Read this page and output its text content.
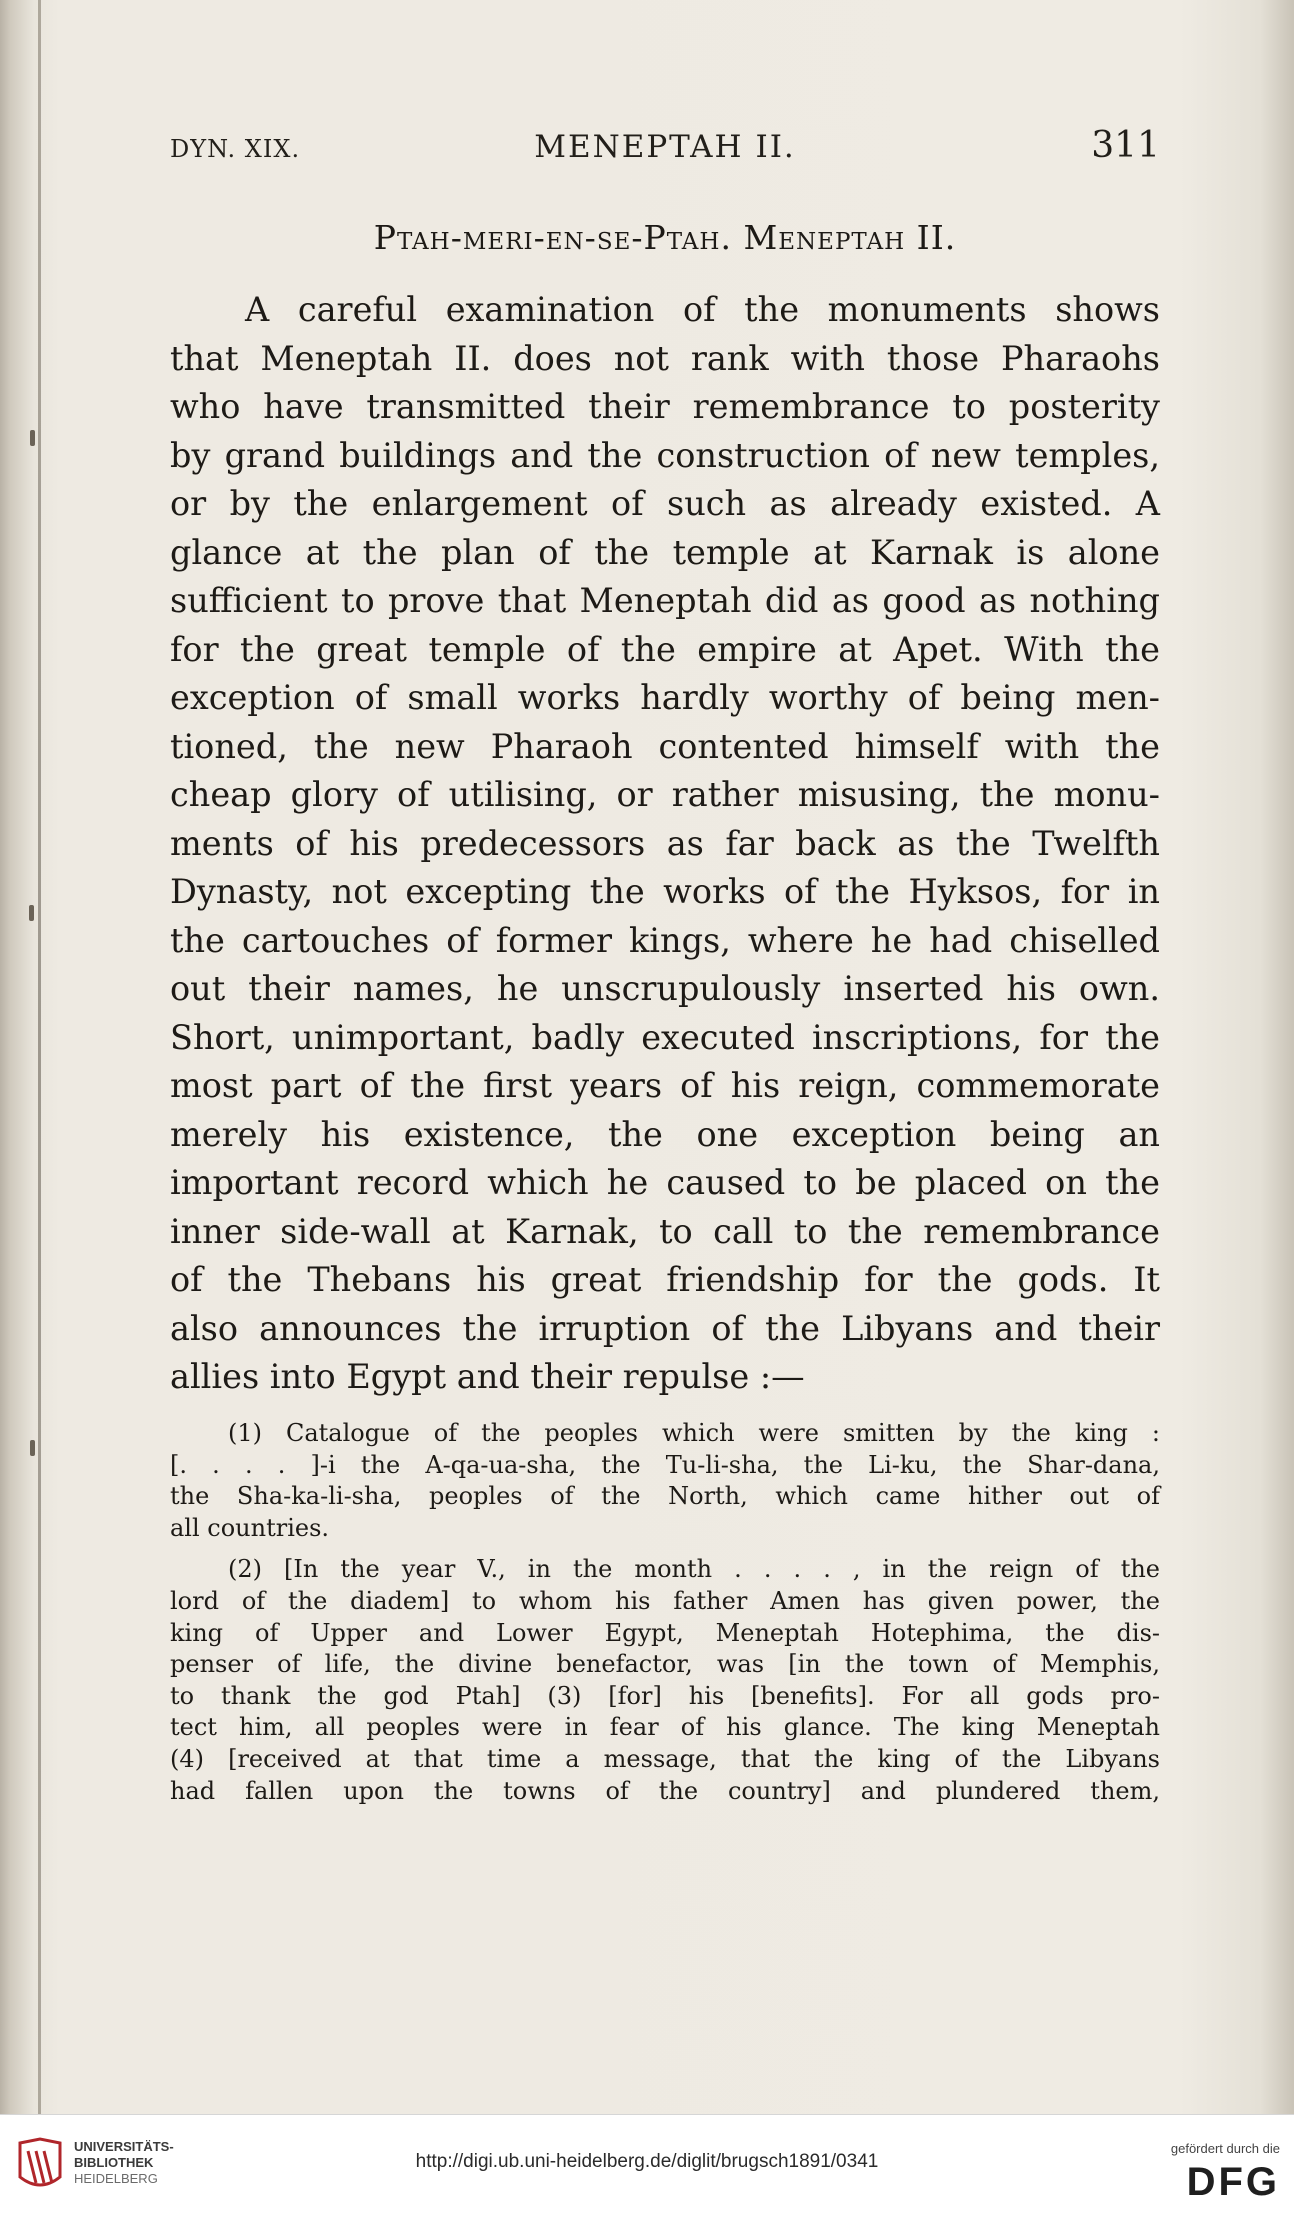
DYN. XIX.	MENEPTAH II.	311
Ptah-meri-en-se-Ptah. Meneptah II.
A careful examination of the monuments shows
that Meneptah II. does not rank with those Pharaohs
who have transmitted their remembrance to posterity
by grand buildings and the construction of new temples,
or by the enlargement of such as already existed. A
glance at the plan of the temple at Karnak is alone
sufficient to prove that Meneptah did as good as nothing
for the great temple of the empire at Apet. With the
exception of small works hardly worthy of being men-
tioned, the new Pharaoh contented himself with the
cheap glory of utilising, or rather misusing, the monu-
ments of his predecessors as far back as the Twelfth
Dynasty, not excepting the works of the Hyksos, for in
the cartouches of former kings, where he had chiselled
out their names, he unscrupulously inserted his own.
Short, unimportant, badly executed inscriptions, for the
most part of the first years of his reign, commemorate
merely his existence, the one exception being an
important record which he caused to be placed on the
inner side-wall at Karnak, to call to the remembrance
of the Thebans his great friendship for the gods. It
also announces the irruption of the Libyans and their
allies into Egypt and their repulse :—
(1) Catalogue of the peoples which were smitten by the king :
[. . . . ]-i the A-qa-ua-sha, the Tu-li-sha, the Li-ku, the Shar-dana,
the Sha-ka-li-sha, peoples of the North, which came hither out of
all countries.
(2) [In the year V., in the month . . . . , in the reign of the
lord of the diadem] to whom his father Amen has given power, the
king of Upper and Lower Egypt, Meneptah Hotephima, the dis-
penser of life, the divine benefactor, was [in the town of Memphis,
to thank the god Ptah] (3) [for] his [benefits]. For all gods pro-
tect him, all peoples were in fear of his glance. The king Meneptah
(4) [received at that time a message, that the king of the Libyans
had fallen upon the towns of the country] and plundered them,
UNIVERSITÄTS-
BIBLIOTHEK
HEIDELBERG
http://digi.ub.uni-heidelberg.de/diglit/brugsch1891/0341
gefördert durch die
DFG
